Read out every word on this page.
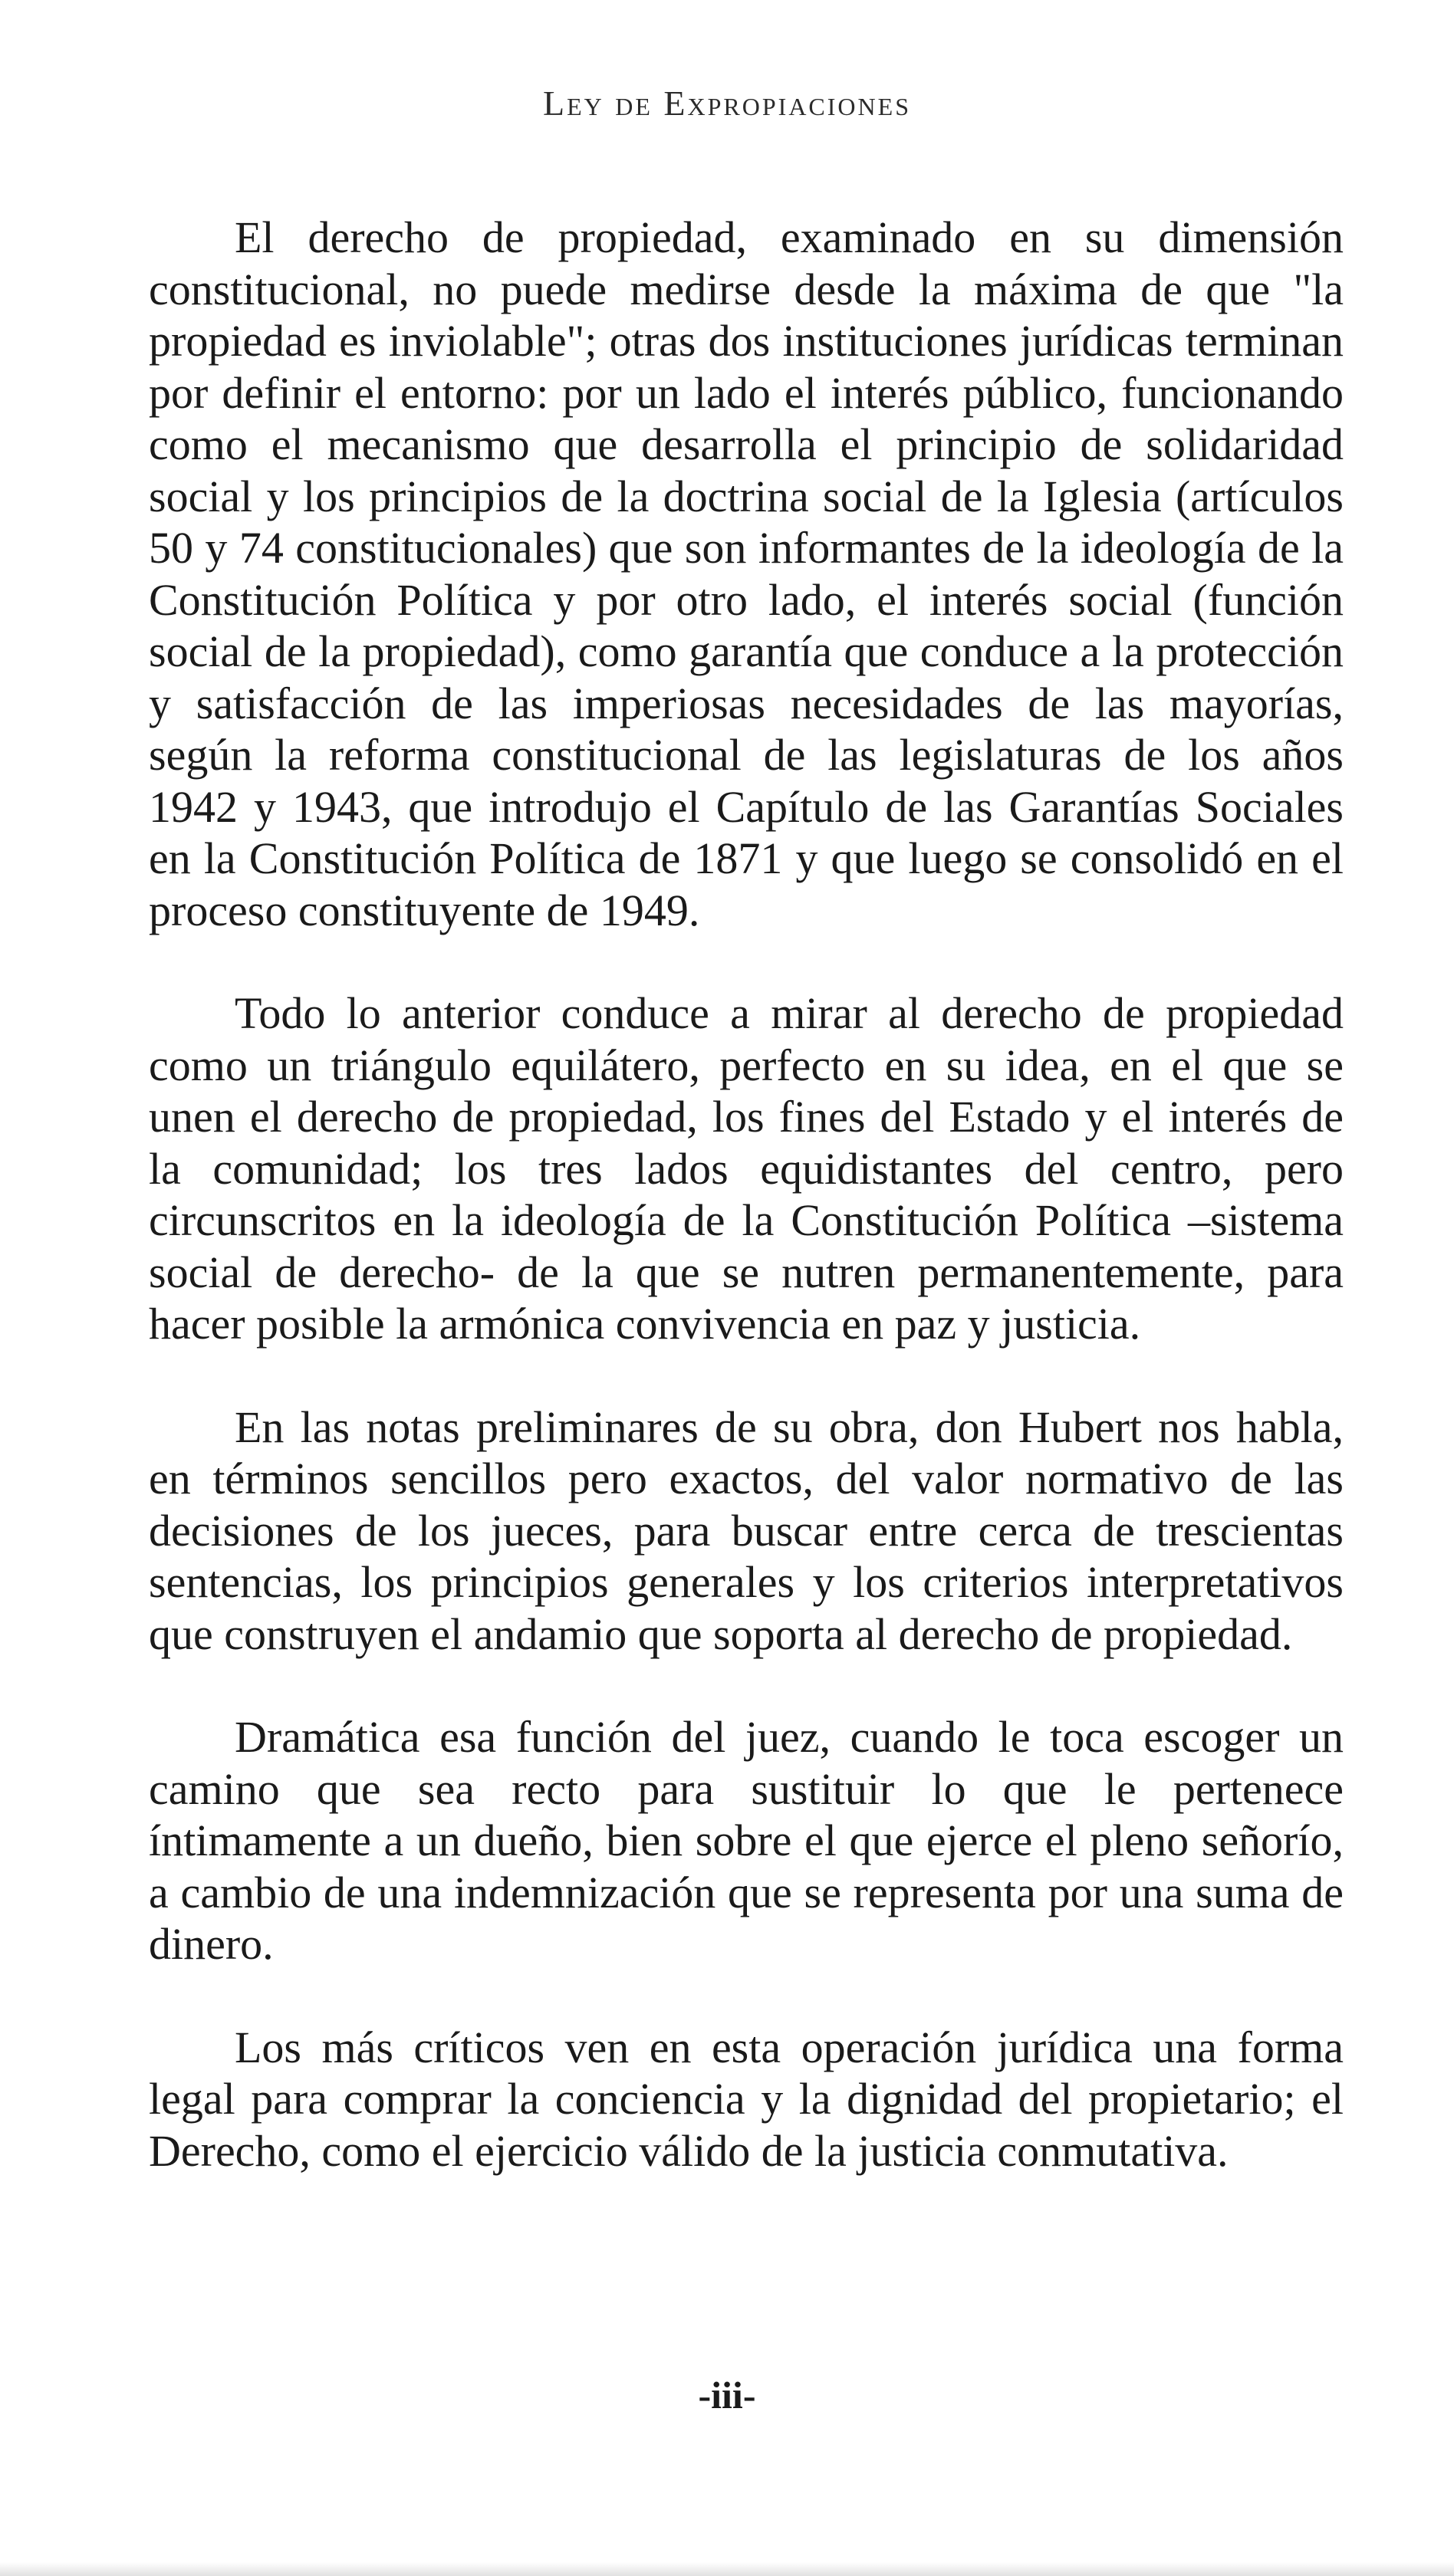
Ley de Expropiaciones

El derecho de propiedad, examinado en su dimensión constitucional, no puede medirse desde la máxima de que "la propiedad es inviolable"; otras dos instituciones jurídicas terminan por definir el entorno: por un lado el interés público, funcionando como el mecanismo que desarrolla el principio de solidaridad social y los principios de la doctrina social de la Iglesia (artículos 50 y 74 constitucionales) que son informantes de la ideología de la Constitución Política y por otro lado, el interés social (función social de la propiedad), como garantía que conduce a la protección y satisfacción de las imperiosas necesidades de las mayorías, según la reforma constitucional de las legislaturas de los años 1942 y 1943, que introdujo el Capítulo de las Garantías Sociales en la Constitución Política de 1871 y que luego se consolidó en el proceso constituyente de 1949.

Todo lo anterior conduce a mirar al derecho de propiedad como un triángulo equilátero, perfecto en su idea, en el que se unen el derecho de propiedad, los fines del Estado y el interés de la comunidad; los tres lados equidistantes del centro, pero circunscritos en la ideología de la Constitución Política –sistema social de derecho- de la que se nutren permanentemente, para hacer posible la armónica convivencia en paz y justicia.

En las notas preliminares de su obra, don Hubert nos habla, en términos sencillos pero exactos, del valor normativo de las decisiones de los jueces, para buscar entre cerca de trescientas sentencias, los principios generales y los criterios interpretativos que construyen el andamio que soporta al derecho de propiedad.

Dramática esa función del juez, cuando le toca escoger un camino que sea recto para sustituir lo que le pertenece íntimamente a un dueño, bien sobre el que ejerce el pleno señorío, a cambio de una indemnización que se representa por una suma de dinero.

Los más críticos ven en esta operación jurídica una forma legal para comprar la conciencia y la dignidad del propietario; el Derecho, como el ejercicio válido de la justicia conmutativa.

-iii-
